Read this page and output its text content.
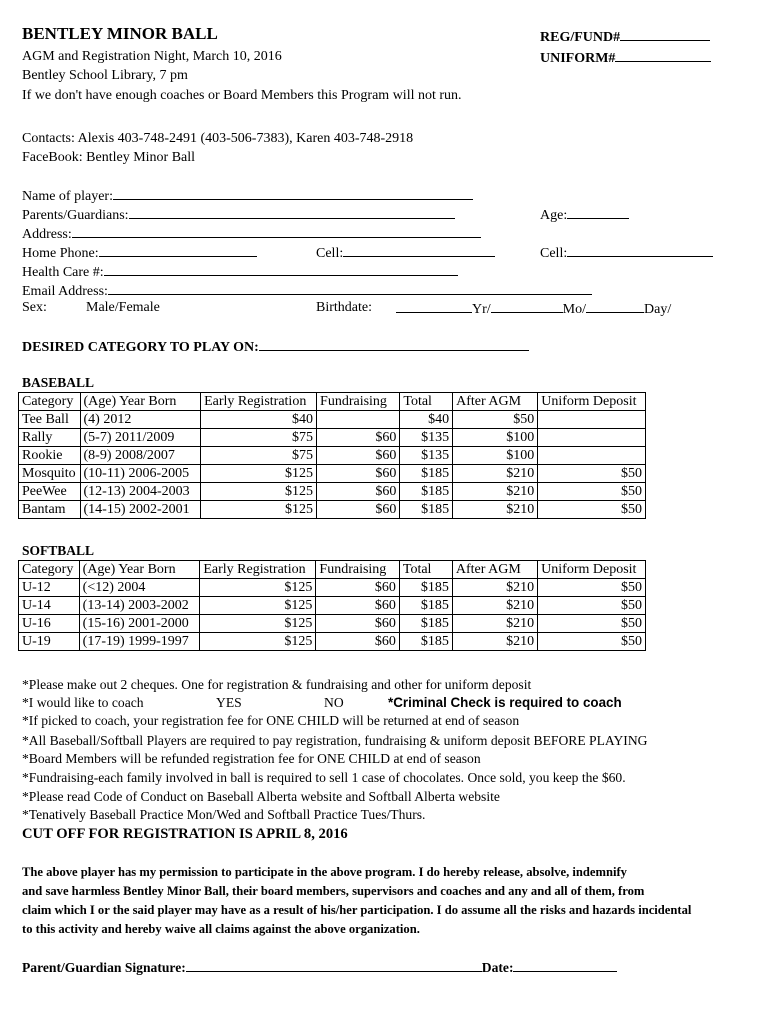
BENTLEY MINOR BALL
AGM and Registration Night, March 10, 2016
Bentley School Library, 7 pm
If we don't have enough coaches or Board Members this Program will not run.
REG/FUND#
UNIFORM#
Contacts: Alexis 403-748-2491 (403-506-7383), Karen 403-748-2918
FaceBook: Bentley Minor Ball
Name of player:
Parents/Guardians:	Age:
Address:
Home Phone:	Cell:	Cell:
Health Care #:
Email Address:
Sex:	Male/Female	Birthdate:	Yr/	Mo/	Day/
DESIRED CATEGORY TO PLAY ON:
BASEBALL
Category	(Age) Year Born	Early Registration	Fundraising	Total	After AGM	Uniform Deposit
Tee Ball	(4) 2012	$40		$40	$50	
Rally	(5-7) 2011/2009	$75	$60	$135	$100	
Rookie	(8-9) 2008/2007	$75	$60	$135	$100	
Mosquito	(10-11) 2006-2005	$125	$60	$185	$210	$50
PeeWee	(12-13) 2004-2003	$125	$60	$185	$210	$50
Bantam	(14-15) 2002-2001	$125	$60	$185	$210	$50
SOFTBALL
Category	(Age) Year Born	Early Registration	Fundraising	Total	After AGM	Uniform Deposit
U-12	(<12) 2004	$125	$60	$185	$210	$50
U-14	(13-14) 2003-2002	$125	$60	$185	$210	$50
U-16	(15-16) 2001-2000	$125	$60	$185	$210	$50
U-19	(17-19) 1999-1997	$125	$60	$185	$210	$50
*Please make out 2 cheques. One for registration & fundraising and other for uniform deposit
*I would like to coach	YES	NO	*Criminal Check is required to coach
*If picked to coach, your registration fee for ONE CHILD will be returned at end of season
*All Baseball/Softball Players are required to pay registration, fundraising & uniform deposit BEFORE PLAYING
*Board Members will be refunded registration fee for ONE CHILD at end of season
*Fundraising-each family involved in ball is required to sell 1 case of chocolates. Once sold, you keep the $60.
*Please read Code of Conduct on Baseball Alberta website and Softball Alberta website
*Tenatively Baseball Practice Mon/Wed and Softball Practice Tues/Thurs.
CUT OFF FOR REGISTRATION IS APRIL 8, 2016
The above player has my permission to participate in the above program. I do hereby release, absolve, indemnify
and save harmless Bentley Minor Ball, their board members, supervisors and coaches and any and all of them, from
claim which I or the said player may have as a result of his/her participation. I do assume all the risks and hazards incidental
to this activity and hereby waive all claims against the above organization.
Parent/Guardian Signature:	Date:
